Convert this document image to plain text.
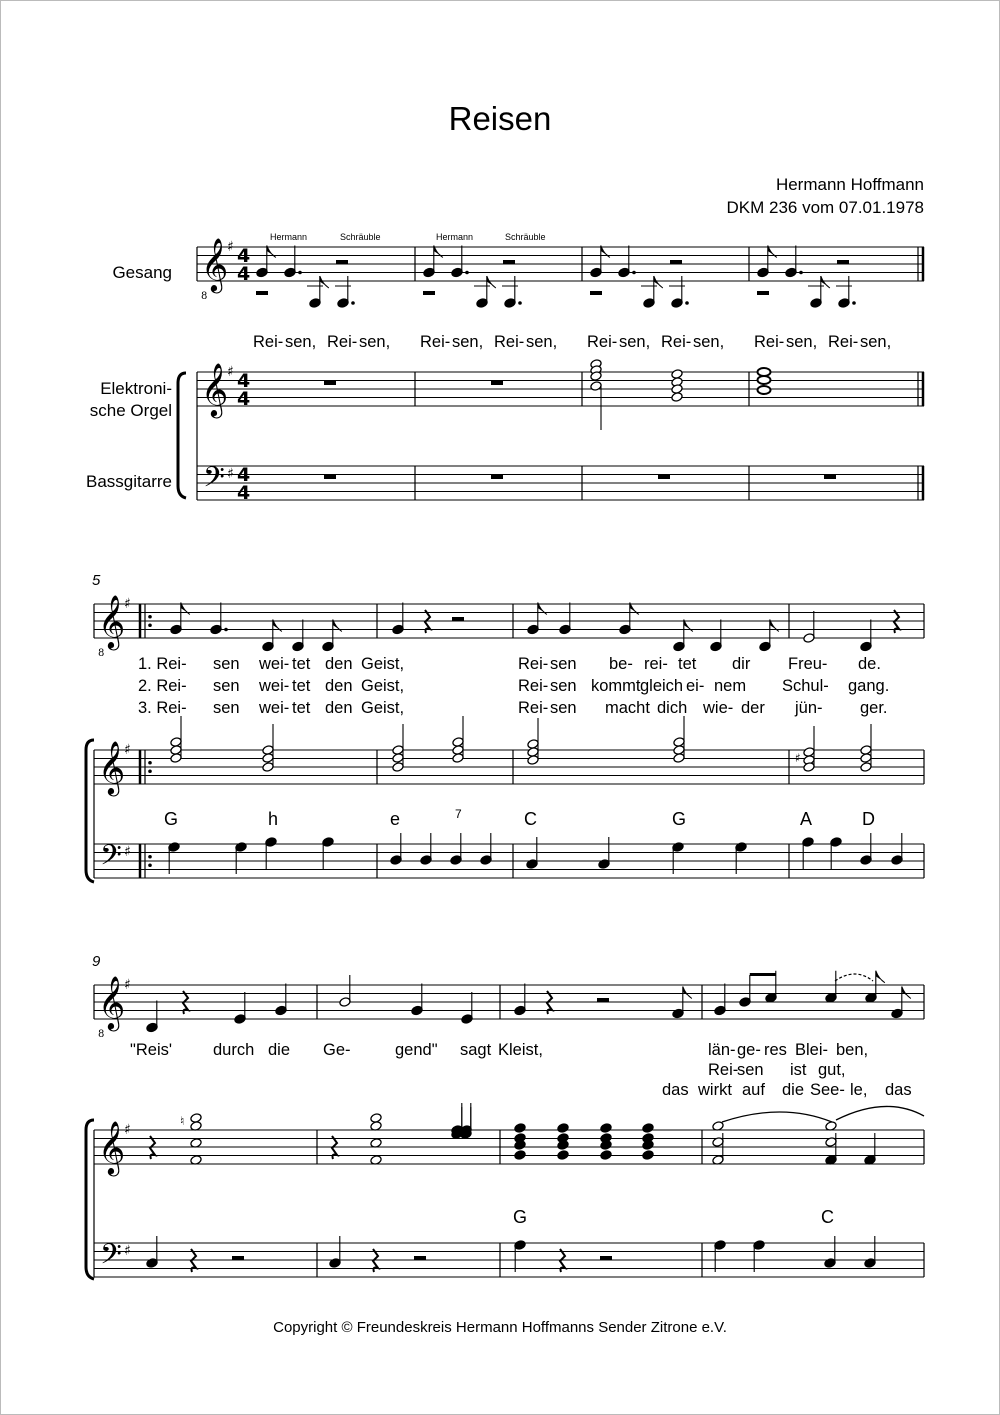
Reisen
Hermann Hoffmann
DKM 236 vom 07.01.1978
Gesang
Elektroni-
sche Orgel
Bassgitarre
Hermann	Schräuble	Hermann	Schräuble
5
9
Rei- sen, Rei- sen, Rei- sen, Rei- sen, Rei- sen, Rei- sen, Rei- sen, Rei- sen,
1. Rei- sen wei- tet den Geist,	Rei- sen be- rei- tet dir Freu- de.
2. Rei- sen wei- tet den Geist,	Rei- sen kommt gleich ei- nem Schul- gang.
3. Rei- sen wei- tet den Geist,	Rei- sen macht dich wie- der jün- ger.
"Reis' durch die Ge-	gend" sagt Kleist,	län- ge- res Blei- ben,
Rei-
sen ist gut,
das wirkt auf die See- le, das
G	h	e	7	C	G	A	D
G	C
Copyright © Freundeskreis Hermann Hoffmanns Sender Zitrone e.V.
𝄞
♯ 4
4
8
𝄞
♯ 4
4
𝄢 ♯ 4
4
𝄞
♯
8
𝄞
♯
𝄢 ♯
♯
𝄞
♯
8
𝄞
♯
𝄢 ♯
♮
